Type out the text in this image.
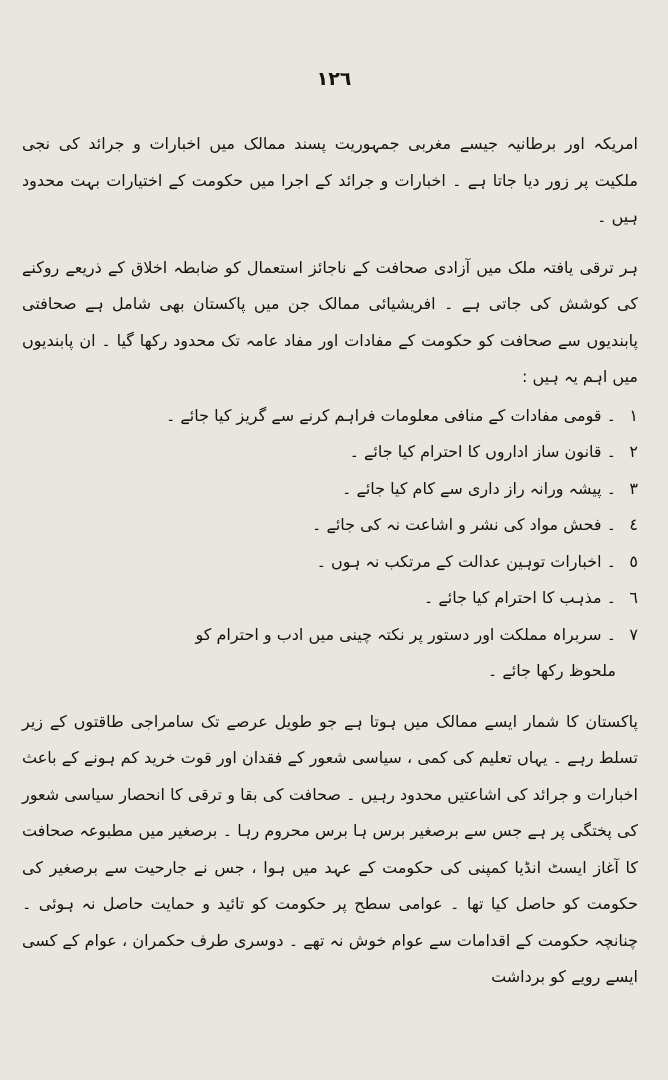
١٢٦

امریکہ اور برطانیہ جیسے مغربی جمہوریت پسند ممالک میں اخبارات و جرائد کی نجی ملکیت پر زور دیا جاتا ہے ۔ اخبارات و جرائد کے اجرا میں حکومت کے اختیارات بہت محدود ہیں ۔

ہر ترقی یافتہ ملک میں آزادی صحافت کے ناجائز استعمال کو ضابطہ اخلاق کے ذریعے روکنے کی کوشش کی جاتی ہے ۔ افریشیائی ممالک جن میں پاکستان بھی شامل ہے صحافتی پابندیوں سے صحافت کو حکومت کے مفادات اور مفاد عامہ تک محدود رکھا گیا ۔ ان پابندیوں میں اہم یہ ہیں :

١۔ قومی مفادات کے منافی معلومات فراہم کرنے سے گریز کیا جائے ۔
٢۔ قانون ساز اداروں کا احترام کیا جائے ۔
٣۔ پیشہ ورانہ راز داری سے کام کیا جائے ۔
٤۔ فحش مواد کی نشر و اشاعت نہ کی جائے ۔
٥۔ اخبارات توہین عدالت کے مرتکب نہ ہوں ۔
٦۔ مذہب کا احترام کیا جائے ۔
٧۔ سربراہ مملکت اور دستور پر نکتہ چینی میں ادب و احترام کو
ملحوظ رکھا جائے ۔

پاکستان کا شمار ایسے ممالک میں ہوتا ہے جو طویل عرصے تک سامراجی طاقتوں کے زیر تسلط رہے ۔ یہاں تعلیم کی کمی ، سیاسی شعور کے فقدان اور قوت خرید کم ہونے کے باعث اخبارات و جرائد کی اشاعتیں محدود رہیں ۔ صحافت کی بقا و ترقی کا انحصار سیاسی شعور کی پختگی پر ہے جس سے برصغیر برس ہا برس محروم رہا ۔ برصغیر میں مطبوعہ صحافت کا آغاز ایسٹ انڈیا کمپنی کی حکومت کے عہد میں ہوا ، جس نے جارحیت سے برصغیر کی حکومت کو حاصل کیا تھا ۔ عوامی سطح پر حکومت کو تائید و حمایت حاصل نہ ہوئی ۔ چنانچہ حکومت کے اقدامات سے عوام خوش نہ تھے ۔ دوسری طرف حکمران ، عوام کے کسی ایسے رویے کو برداشت
